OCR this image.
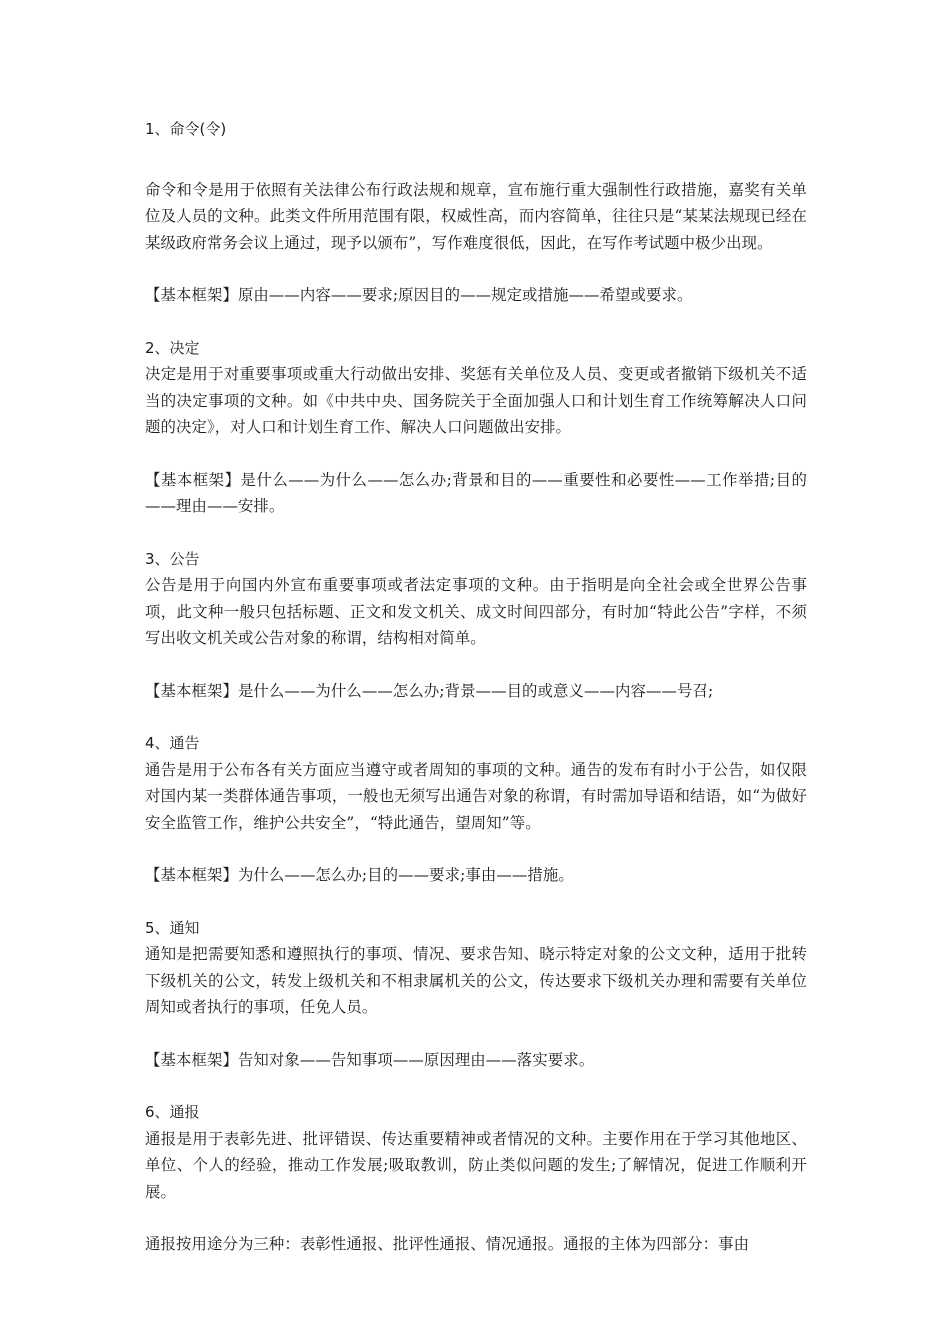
1、命令(令)

命令和令是用于依照有关法律公布行政法规和规章，宣布施行重大强制性行政措施，嘉奖有关单位及人员的文种。此类文件所用范围有限，权威性高，而内容简单，往往只是“某某法规现已经在某级政府常务会议上通过，现予以颁布”，写作难度很低，因此，在写作考试题中极少出现。

【基本框架】原由——内容——要求;原因目的——规定或措施——希望或要求。

2、决定

决定是用于对重要事项或重大行动做出安排、奖惩有关单位及人员、变更或者撤销下级机关不适当的决定事项的文种。如《中共中央、国务院关于全面加强人口和计划生育工作统筹解决人口问题的决定》，对人口和计划生育工作、解决人口问题做出安排。

【基本框架】是什么——为什么——怎么办;背景和目的——重要性和必要性——工作举措;目的——理由——安排。

3、公告

公告是用于向国内外宣布重要事项或者法定事项的文种。由于指明是向全社会或全世界公告事项，此文种一般只包括标题、正文和发文机关、成文时间四部分，有时加“特此公告”字样，不须写出收文机关或公告对象的称谓，结构相对简单。

【基本框架】是什么——为什么——怎么办;背景——目的或意义——内容——号召;

4、通告

通告是用于公布各有关方面应当遵守或者周知的事项的文种。通告的发布有时小于公告，如仅限对国内某一类群体通告事项，一般也无须写出通告对象的称谓，有时需加导语和结语，如“为做好安全监管工作，维护公共安全”，“特此通告，望周知”等。

【基本框架】为什么——怎么办;目的——要求;事由——措施。

5、通知

通知是把需要知悉和遵照执行的事项、情况、要求告知、晓示特定对象的公文文种，适用于批转下级机关的公文，转发上级机关和不相隶属机关的公文，传达要求下级机关办理和需要有关单位周知或者执行的事项，任免人员。

【基本框架】告知对象——告知事项——原因理由——落实要求。

6、通报

通报是用于表彰先进、批评错误、传达重要精神或者情况的文种。主要作用在于学习其他地区、单位、个人的经验，推动工作发展;吸取教训，防止类似问题的发生;了解情况，促进工作顺利开展。

通报按用途分为三种：表彰性通报、批评性通报、情况通报。通报的主体为四部分：事由
